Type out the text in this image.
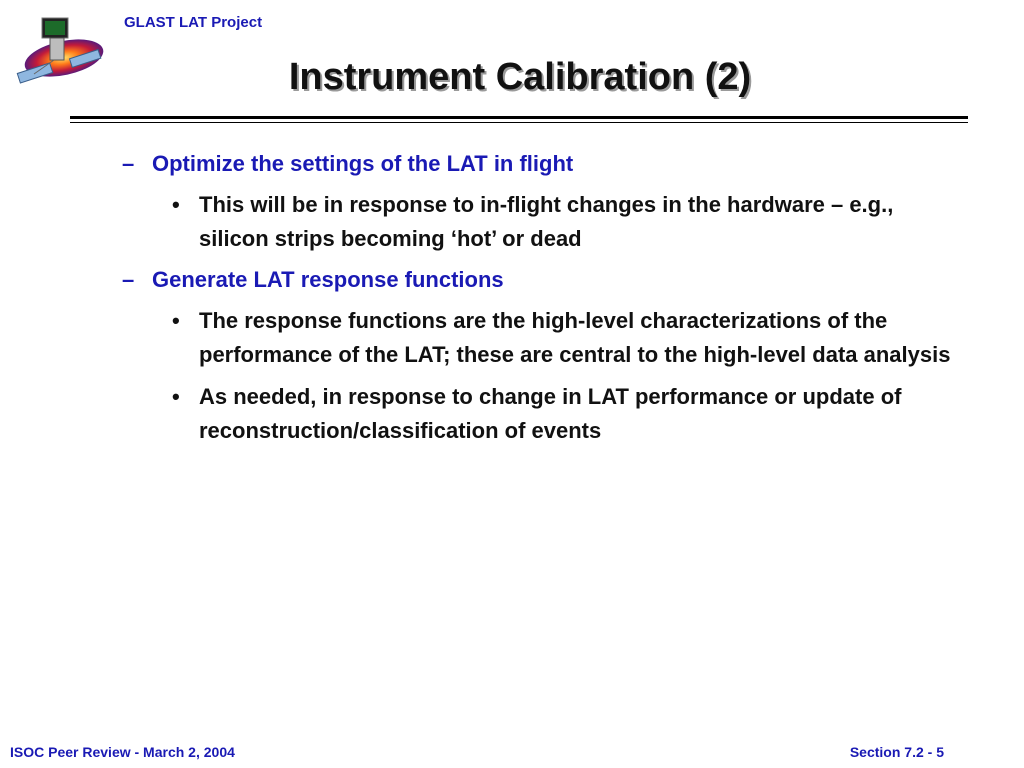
GLAST LAT Project
Instrument Calibration (2)
– Optimize the settings of the LAT in flight
• This will be in response to in-flight changes in the hardware – e.g., silicon strips becoming ‘hot’ or dead
– Generate LAT response functions
• The response functions are the high-level characterizations of the performance of the LAT; these are central to the high-level data analysis
• As needed, in response to change in LAT performance or update of reconstruction/classification of events
ISOC Peer Review - March 2, 2004	Section 7.2 - 5
